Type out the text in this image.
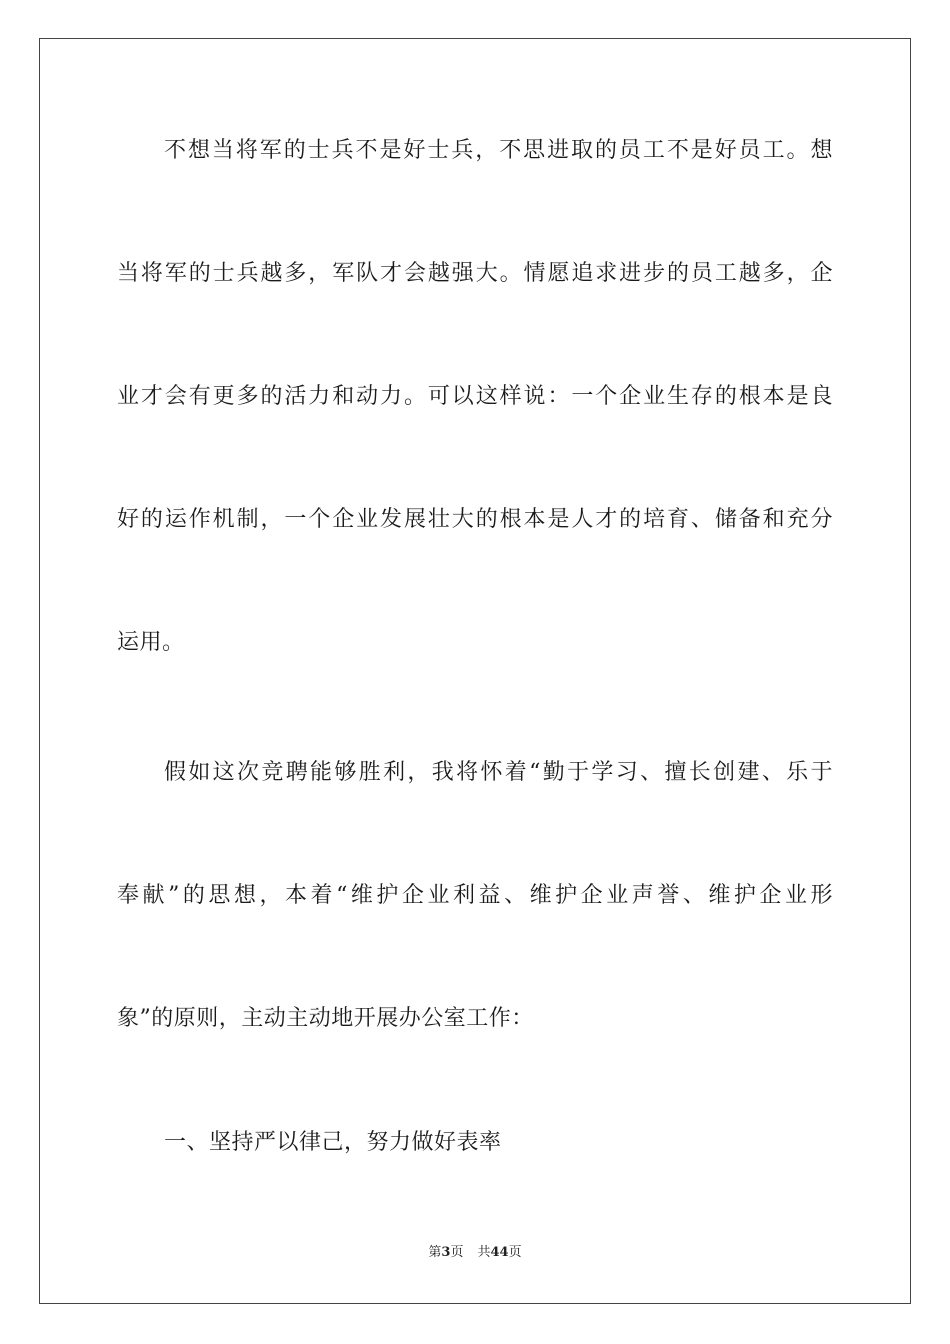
不想当将军的士兵不是好士兵，不思进取的员工不是好员工。想
当将军的士兵越多，军队才会越强大。情愿追求进步的员工越多，企
业才会有更多的活力和动力。可以这样说：一个企业生存的根本是良
好的运作机制，一个企业发展壮大的根本是人才的培育、储备和充分
运用。
假如这次竞聘能够胜利，我将怀着“勤于学习、擅长创建、乐于
奉献”的思想，本着“维护企业利益、维护企业声誉、维护企业形
象”的原则，主动主动地开展办公室工作：
一、坚持严以律己，努力做好表率
第3页 共44页
